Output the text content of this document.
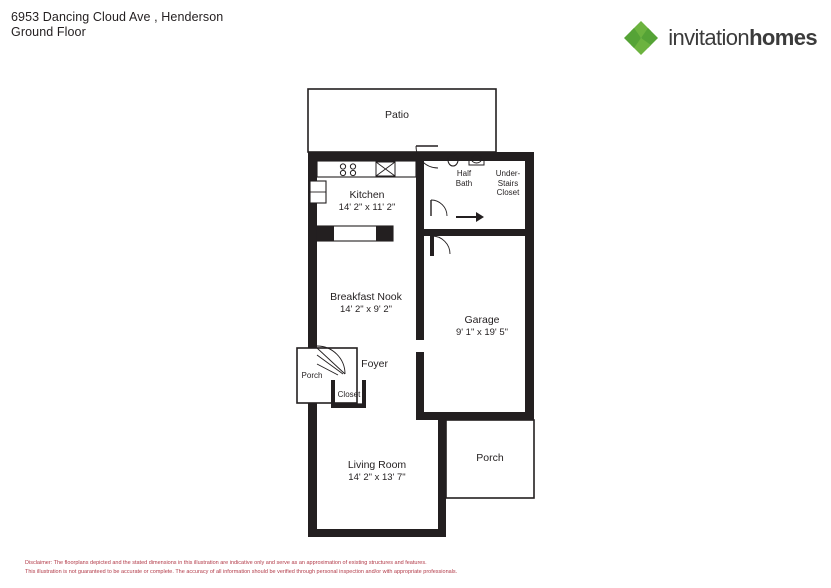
6953 Dancing Cloud Ave , Henderson
Ground Floor	invitationhomes
Patio
Kitchen
14' 2" x 11' 2"
Half
Bath
Under-
Stairs
Closet
Breakfast Nook
14' 2" x 9' 2"
Garage
9' 1" x 19' 5"
Foyer
Porch
Closet
Living Room
14' 2" x 13' 7"
Porch
Disclaimer: The floorplans depicted and the stated dimensions in this illustration are indicative only and serve as an approximation of existing structures and features.
This illustration is not guaranteed to be accurate or complete. The accuracy of all information should be verified through personal inspection and/or with appropriate professionals.
